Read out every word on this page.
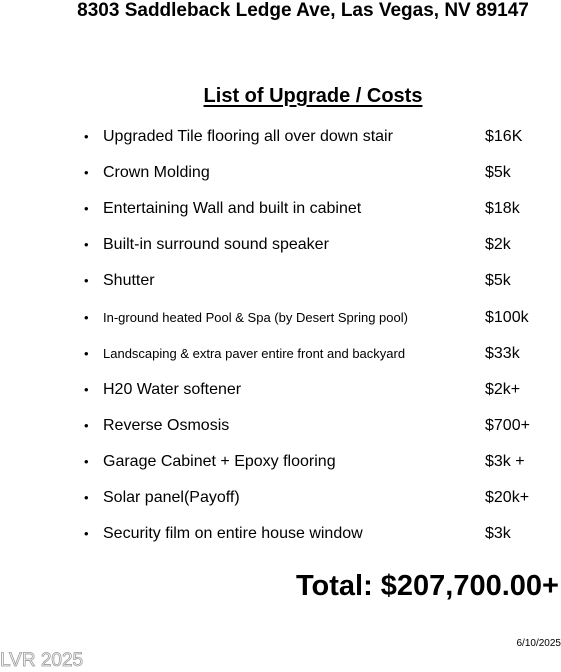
8303 Saddleback Ledge Ave, Las Vegas, NV 89147
List of Upgrade / Costs
• Upgraded Tile flooring all over down stair	$16K
• Crown Molding	$5k
• Entertaining Wall and built in cabinet	$18k
• Built-in surround sound speaker	$2k
• Shutter	$5k
• In-ground heated Pool & Spa (by Desert Spring pool)	$100k
• Landscaping & extra paver entire front and backyard	$33k
• H20 Water softener	$2k+
• Reverse Osmosis	$700+
• Garage Cabinet + Epoxy flooring	$3k +
• Solar panel(Payoff)	$20k+
• Security film on entire house window	$3k
Total: $207,700.00+
6/10/2025
LVR 2025
